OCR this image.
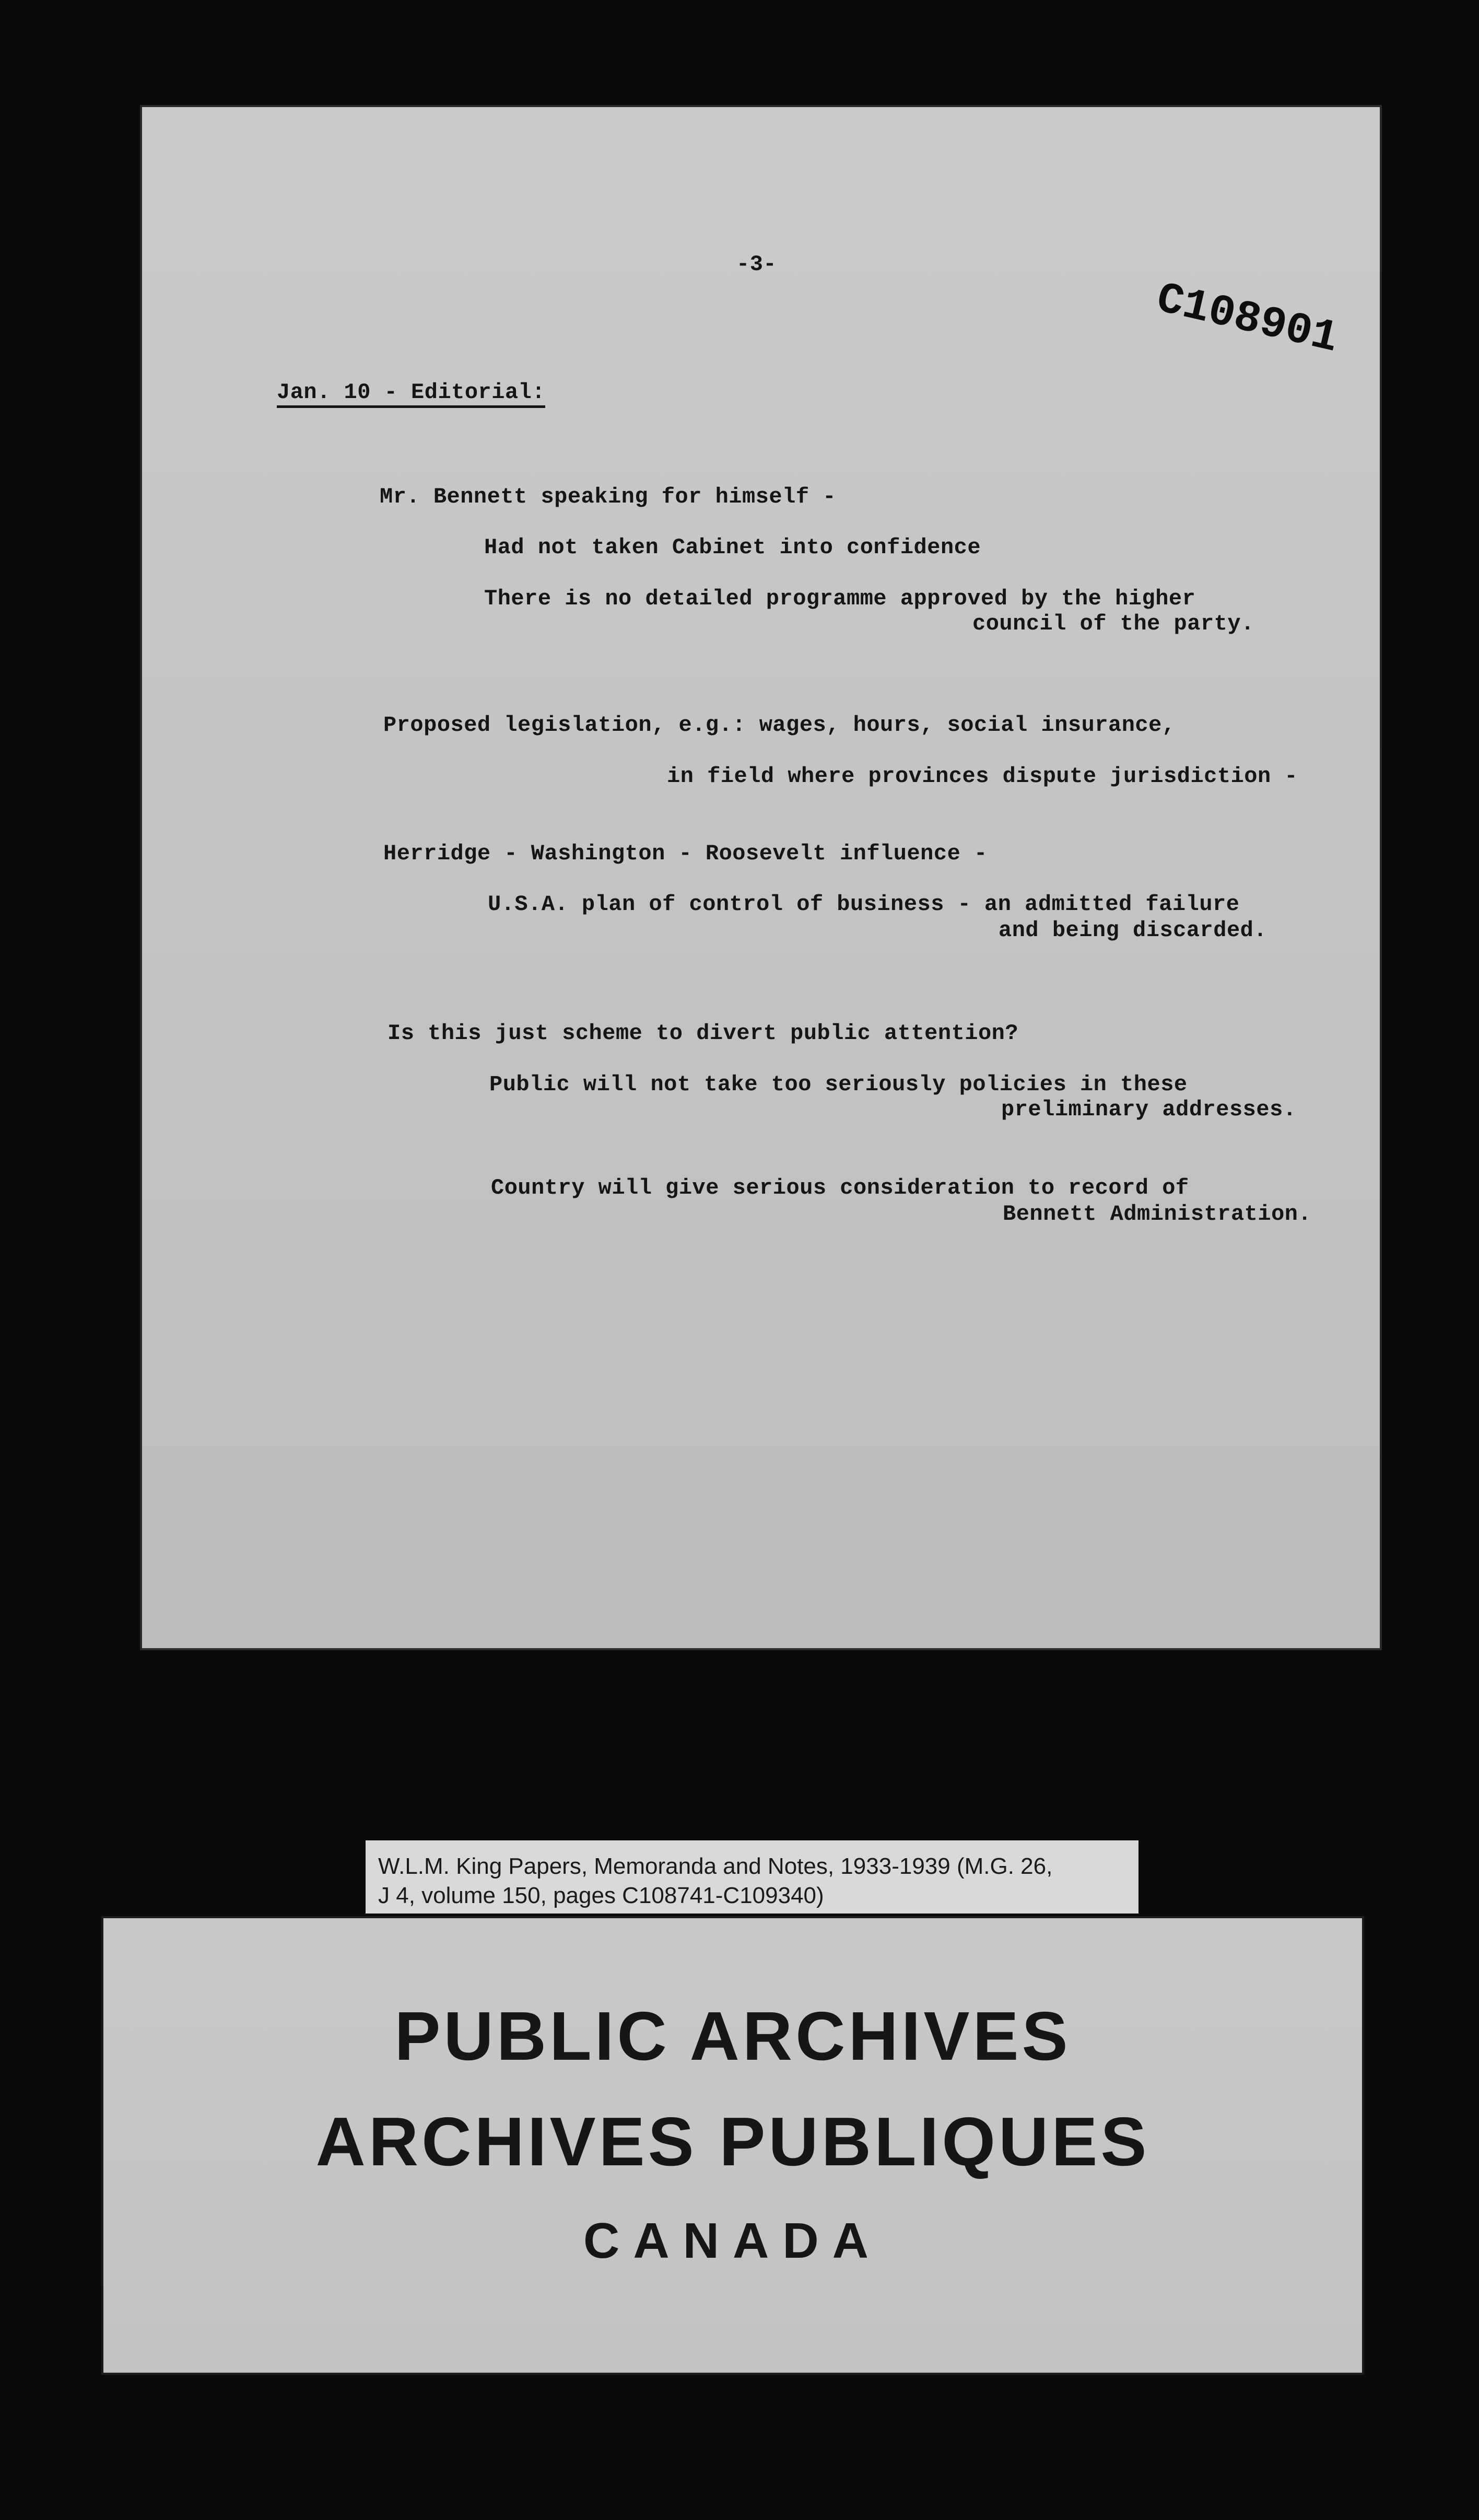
-3-
C108901
Jan. 10 - Editorial:
Mr. Bennett speaking for himself -
Had not taken Cabinet into confidence
There is no detailed programme approved by the higher
council of the party.
Proposed legislation, e.g.: wages, hours, social insurance,
in field where provinces dispute jurisdiction -
Herridge - Washington - Roosevelt influence -
U.S.A. plan of control of business - an admitted failure
and being discarded.
Is this just scheme to divert public attention?
Public will not take too seriously policies in these
preliminary addresses.
Country will give serious consideration to record of
Bennett Administration.
W.L.M. King Papers, Memoranda and Notes, 1933-1939 (M.G. 26,
J 4, volume 150, pages C108741-C109340)
PUBLIC ARCHIVES
ARCHIVES PUBLIQUES
CANADA
